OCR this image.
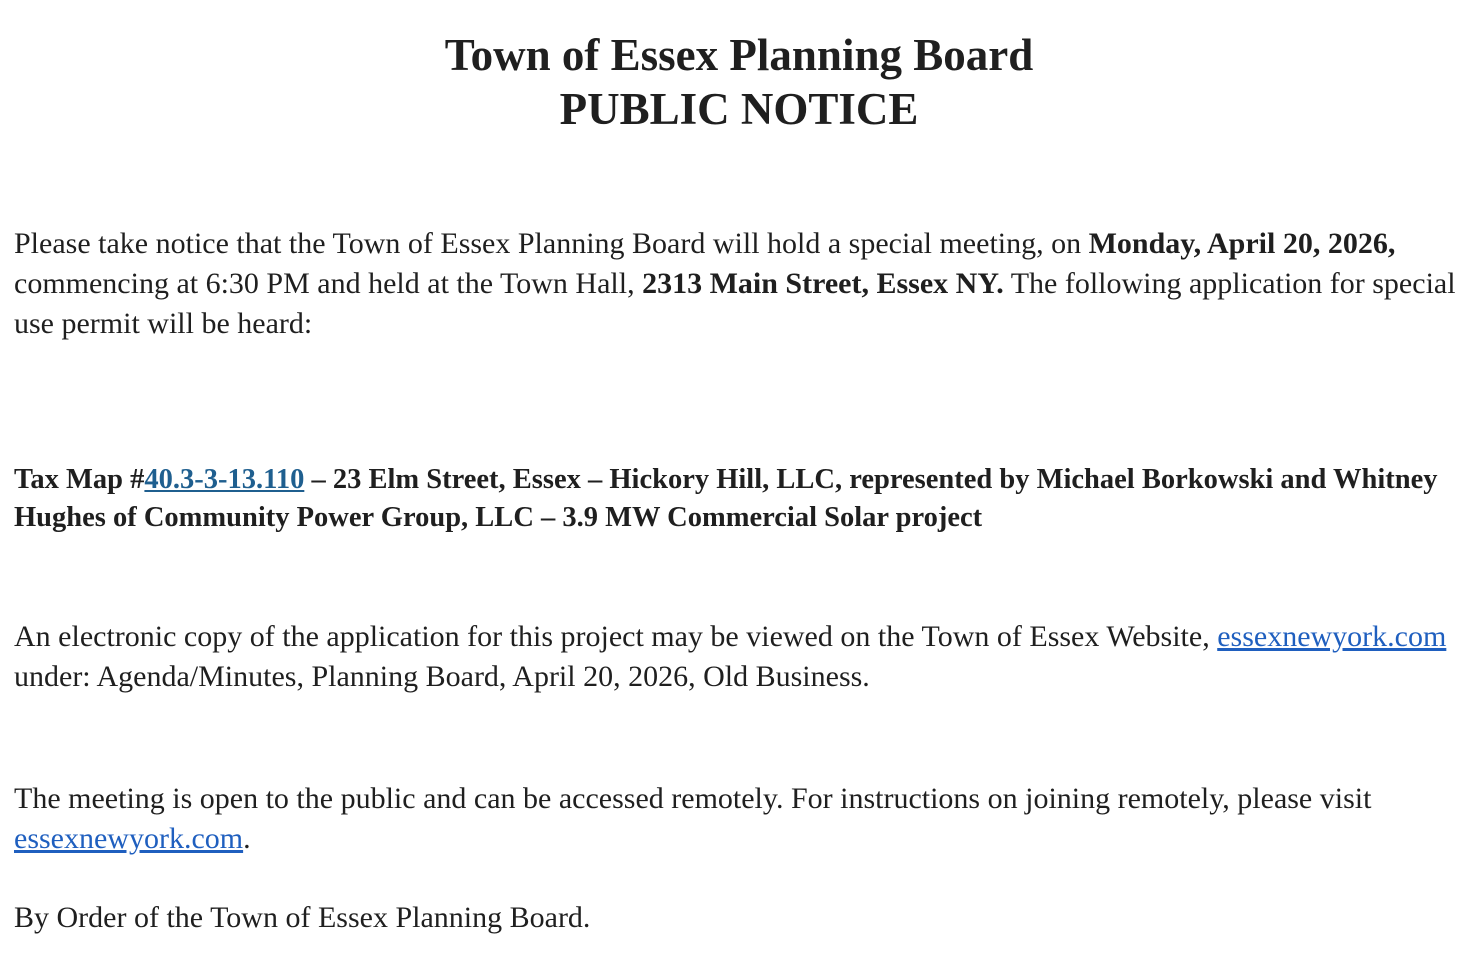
Town of Essex Planning Board
PUBLIC NOTICE

Please take notice that the Town of Essex Planning Board will hold a special meeting, on Monday, April 20, 2026, commencing at 6:30 PM and held at the Town Hall, 2313 Main Street, Essex NY. The following application for special use permit will be heard:

Tax Map #40.3-3-13.110 – 23 Elm Street, Essex – Hickory Hill, LLC, represented by Michael Borkowski and Whitney Hughes of Community Power Group, LLC – 3.9 MW Commercial Solar project

An electronic copy of the application for this project may be viewed on the Town of Essex Website, essexnewyork.com under: Agenda/Minutes, Planning Board, April 20, 2026, Old Business.

The meeting is open to the public and can be accessed remotely. For instructions on joining remotely, please visit essexnewyork.com.

By Order of the Town of Essex Planning Board.
